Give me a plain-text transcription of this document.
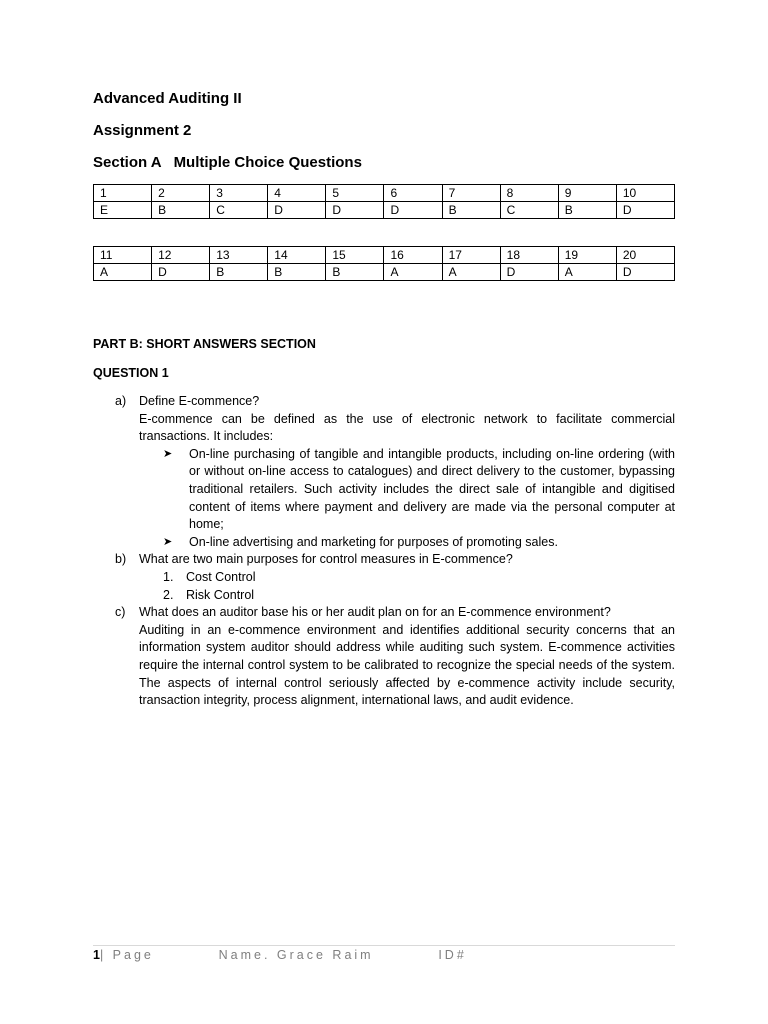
Advanced Auditing II
Assignment 2
Section A   Multiple Choice Questions
1	2	3	4	5	6	7	8	9	10
E	B	C	D	D	D	B	C	B	D
11	12	13	14	15	16	17	18	19	20
A	D	B	B	B	A	A	D	A	D
PART B: SHORT ANSWERS SECTION
QUESTION 1
a) Define E-commence?
E-commence can be defined as the use of electronic network to facilitate commercial transactions. It includes:
➤ On-line purchasing of tangible and intangible products, including on-line ordering (with or without on-line access to catalogues) and direct delivery to the customer, bypassing traditional retailers. Such activity includes the direct sale of intangible and digitised content of items where payment and delivery are made via the personal computer at home;
➤ On-line advertising and marketing for purposes of promoting sales.
b) What are two main purposes for control measures in E-commence?
1. Cost Control
2. Risk Control
c) What does an auditor base his or her audit plan on for an E-commence environment?
Auditing in an e-commence environment and identifies additional security concerns that an information system auditor should address while auditing such system. E-commence activities require the internal control system to be calibrated to recognize the special needs of the system. The aspects of internal control seriously affected by e-commence activity include security, transaction integrity, process alignment, international laws, and audit evidence.
1| Page	Name. Grace Raim	ID#
